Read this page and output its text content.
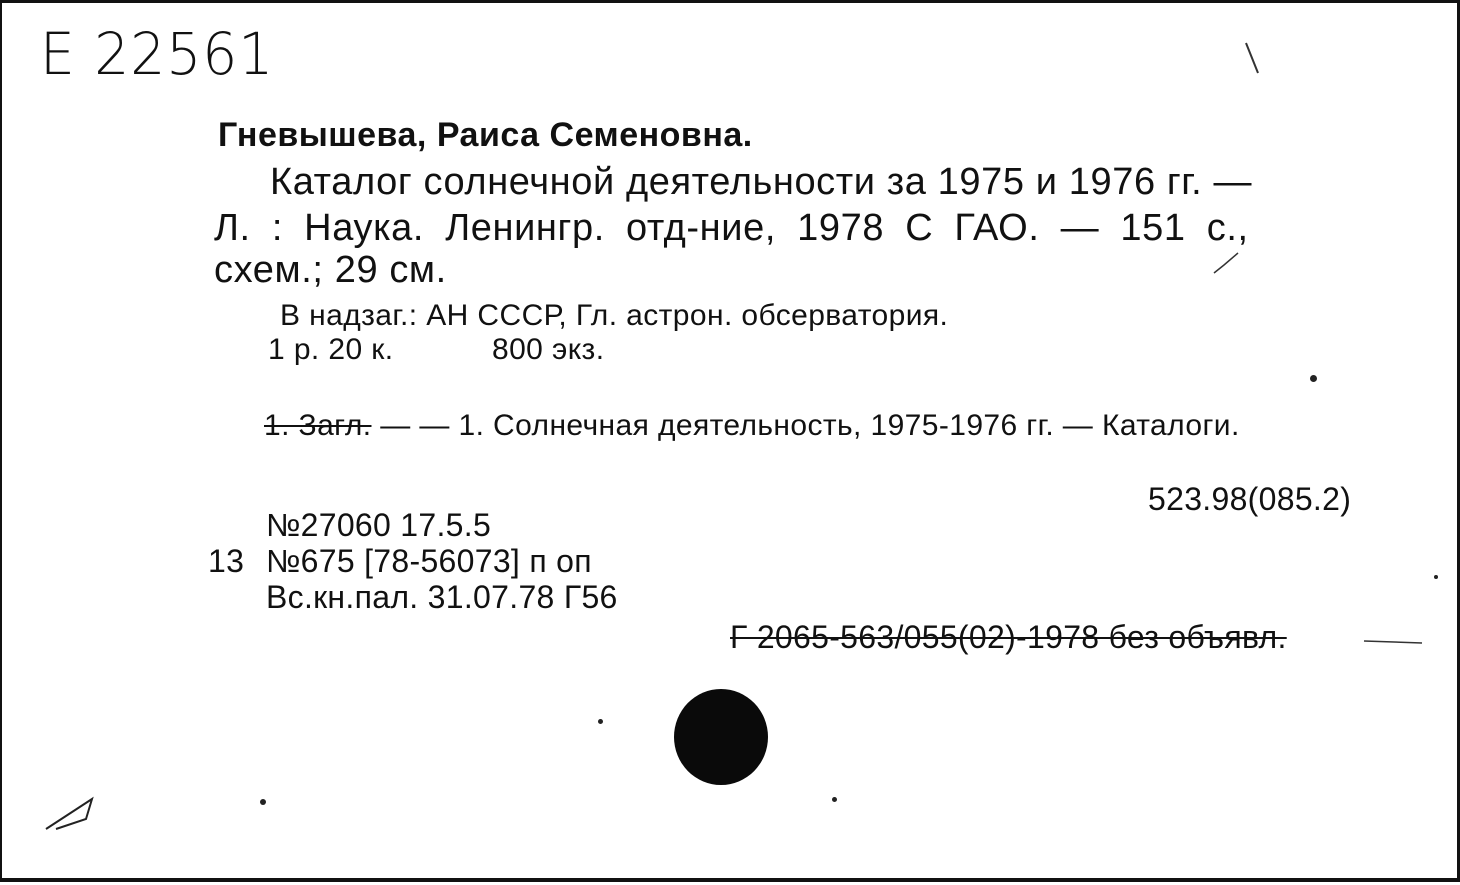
E 22561
Гневышева, Раиса Семеновна.
Каталог солнечной деятельности за 1975 и 1976 гг. —
Л. : Наука. Ленингр. отд-ние, 1978 С ГАО. — 151 с.,
схем.; 29 см.
В надзаг.: АН СССР, Гл. астрон. обсерватория.
1 р. 20 к.	800 экз.
1. Загл. — — 1. Солнечная деятельность, 1975-1976 гг. — Каталоги.
523.98(085.2)
№27060 17.5.5
13 №675 [78-56073] п оп
Вс.кн.пал. 31.07.78 Г56
Г 2065-563/055(02)-1978 без объявл.
